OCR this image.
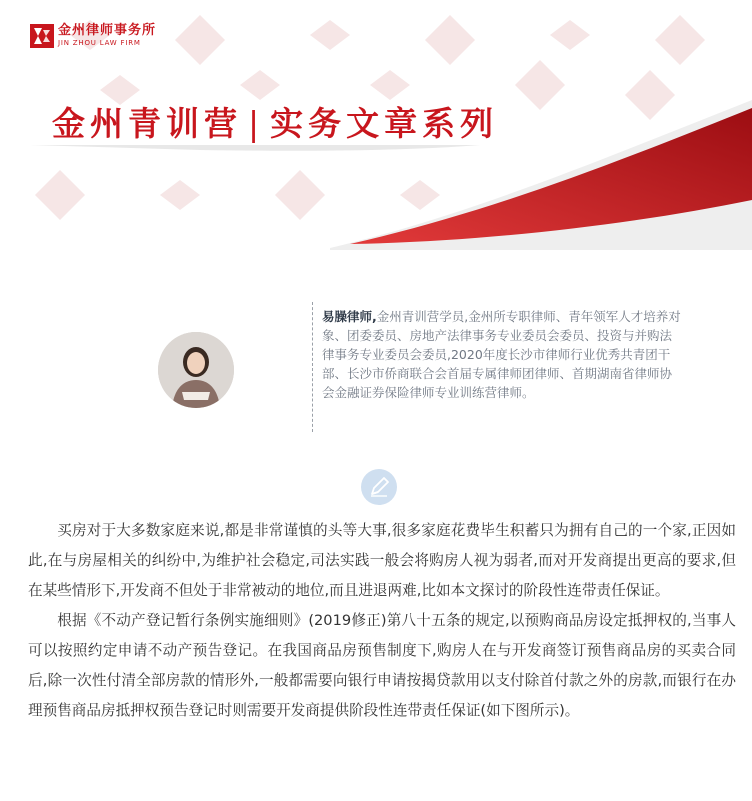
金州律师事务所
JIN ZHOU LAW FIRM
金州青训营 | 实务文章系列
易臊律师,金州青训营学员,金州所专职律师、青年领军人才培养对象、团委委员、房地产法律事务专业委员会委员、投资与并购法律事务专业委员会委员,2020年度长沙市律师行业优秀共青团干部、长沙市侨商联合会首届专属律师团律师、首期湖南省律师协会金融证券保险律师专业训练营律师。

买房对于大多数家庭来说,都是非常谨慎的头等大事,很多家庭花费毕生积蓄只为拥有自己的一个家,正因如此,在与房屋相关的纠纷中,为维护社会稳定,司法实践一般会将购房人视为弱者,而对开发商提出更高的要求,但在某些情形下,开发商不但处于非常被动的地位,而且进退两难,比如本文探讨的阶段性连带责任保证。

根据《不动产登记暂行条例实施细则》(2019修正)第八十五条的规定,以预购商品房设定抵押权的,当事人可以按照约定申请不动产预告登记。在我国商品房预售制度下,购房人在与开发商签订预售商品房的买卖合同后,除一次性付清全部房款的情形外,一般都需要向银行申请按揭贷款用以支付除首付款之外的房款,而银行在办理预售商品房抵押权预告登记时则需要开发商提供阶段性连带责任保证(如下图所示)。
